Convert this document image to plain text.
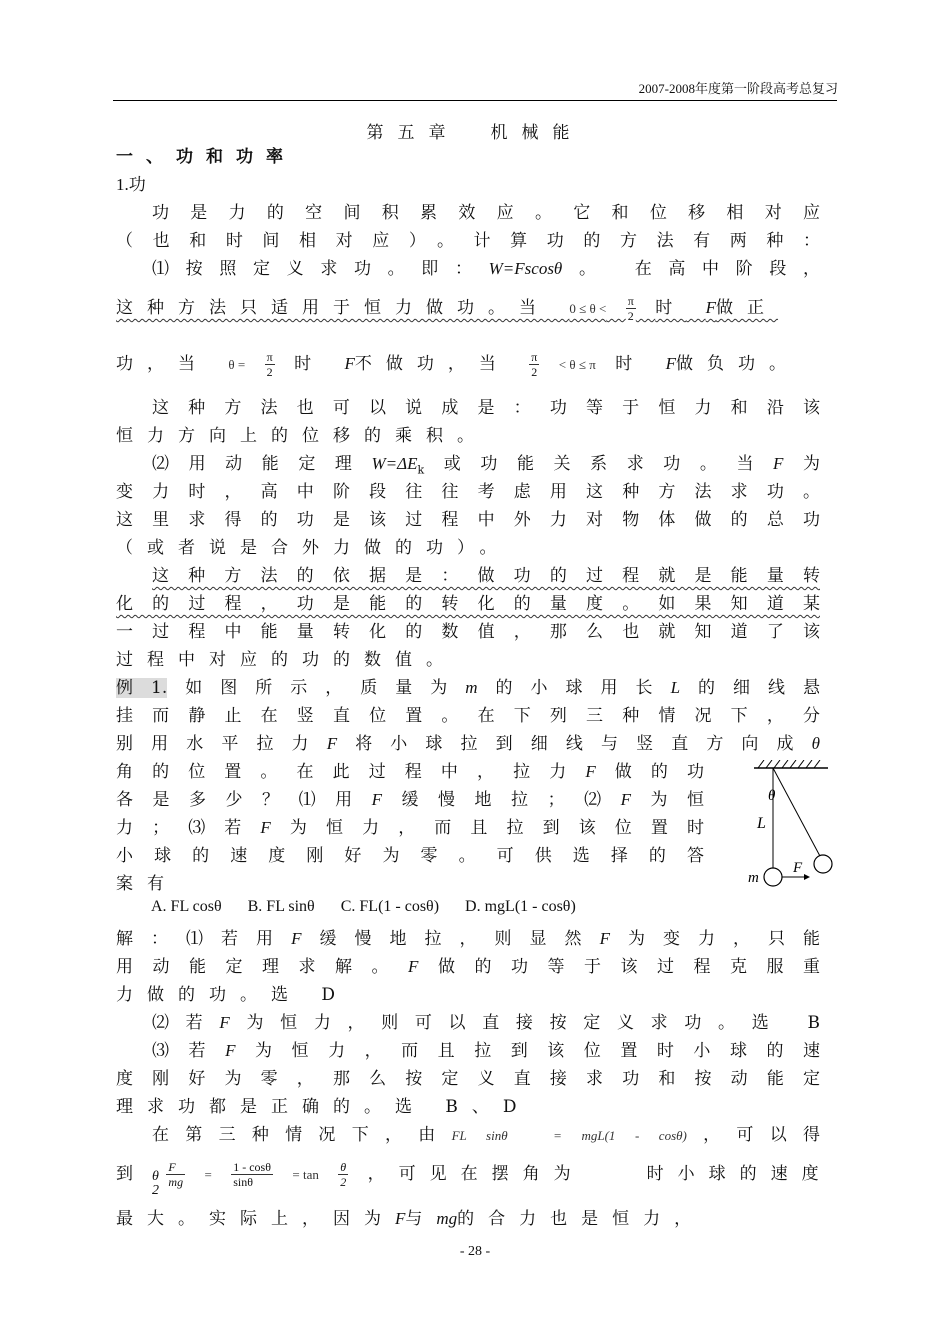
2007-2008年度第一阶段高考总复习
第五章　机械能
一、功和功率
1.功
功是力的空间积累效应。它和位移相对应
（也和时间相对应）。计算功的方法有两种：
⑴按照定义求功。即：W=Fscosθ。 在高中阶段，
这种方法只适用于恒力做功。当 $0 \le \theta < \frac{\pi}{2}$ 时 F做正
功，当 $\theta = \frac{\pi}{2}$ 时 F不做功，当 $\frac{\pi}{2} < \theta \le \pi$ 时 F做负功。
这种方法也可以说成是：功等于恒力和沿该
恒力方向上的位移的乘积。
⑵用动能定理$W=\Delta E_k$或功能关系求功。当F为
变力时，高中阶段往往考虑用这种方法求功。
这里求得的功是该过程中外力对物体做的总功
（或者说是合外力做的功）。
这种方法的依据是：做功的过程就是能量转
化的过程，功是能的转化的量度。如果知道某
一过程中能量转化的数值，那么也就知道了该
过程中对应的功的数值。
例1.如图所示，质量为m的小球用长L的细线悬
挂而静止在竖直位置。在下列三种情况下，分
别用水平拉力F将小球拉到细线与竖直方向成θ
角的位置。在此过程中，拉力F做的功
各是多少？⑴用F缓慢地拉；⑵F为恒
力；⑶若F为恒力，而且拉到该位置时
小球的速度刚好为零。可供选择的答
案有
A. FL cosθ B. FL sinθ C. FL(1 - cosθ) D. mgL(1 - cosθ)
θ
L
m
F
解：⑴若用F缓慢地拉，则显然F为变力，只能
用动能定理求解。F做的功等于该过程克服重
力做的功。选 D
⑵若F为恒力，则可以直接按定义求功。选 B
⑶若F为恒力，而且拉到该位置时小球的速
度刚好为零，那么按定义直接求功和按动能定
理求功都是正确的。选 B、D
在第三种情况下，由FL sinθ　= mgL(1 - cosθ)，可以得
到 $\frac{F}{mg} = \frac{1 - \cos\theta}{\sin\theta} = \tan \frac{\theta}{2}$ ，可见在摆角为　　时小球的速度
θ
2
最大。实际上，因为F与mg的合力也是恒力，
- 28 -
